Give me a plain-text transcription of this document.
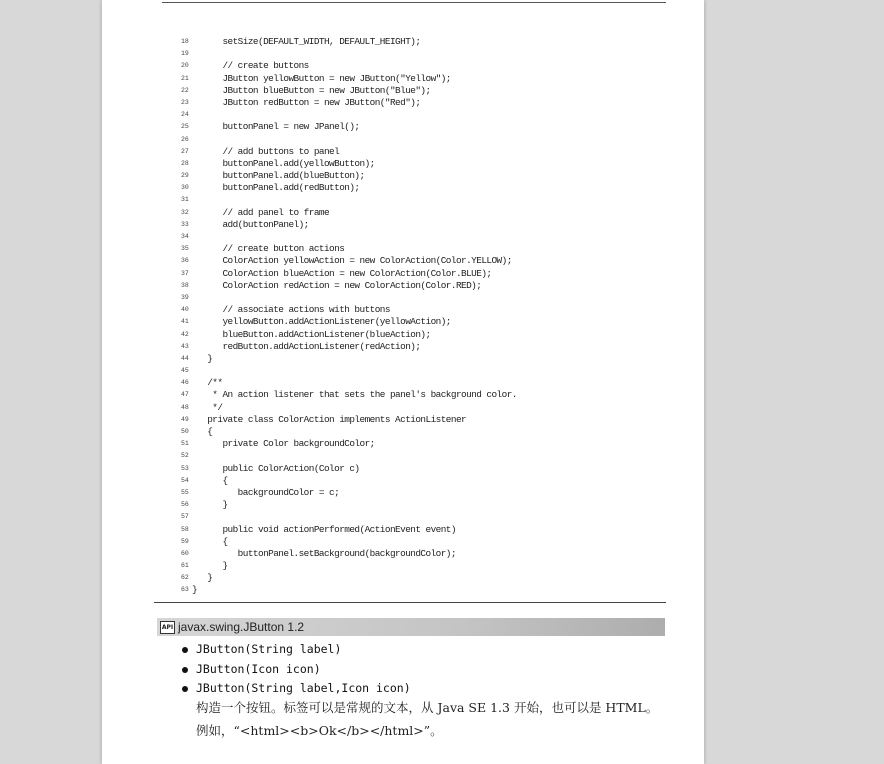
18 setSize(DEFAULT_WIDTH, DEFAULT_HEIGHT);
19
20 // create buttons
21 JButton yellowButton = new JButton("Yellow");
22 JButton blueButton = new JButton("Blue");
23 JButton redButton = new JButton("Red");
24
25 buttonPanel = new JPanel();
26
27 // add buttons to panel
28 buttonPanel.add(yellowButton);
29 buttonPanel.add(blueButton);
30 buttonPanel.add(redButton);
31
32 // add panel to frame
33 add(buttonPanel);
34
35 // create button actions
36 ColorAction yellowAction = new ColorAction(Color.YELLOW);
37 ColorAction blueAction = new ColorAction(Color.BLUE);
38 ColorAction redAction = new ColorAction(Color.RED);
39
40 // associate actions with buttons
41 yellowButton.addActionListener(yellowAction);
42 blueButton.addActionListener(blueAction);
43 redButton.addActionListener(redAction);
44 }
45
46 /**
47 * An action listener that sets the panel's background color.
48 */
49 private class ColorAction implements ActionListener
50 {
51 private Color backgroundColor;
52
53 public ColorAction(Color c)
54 {
55 backgroundColor = c;
56 }
57
58 public void actionPerformed(ActionEvent event)
59 {
60 buttonPanel.setBackground(backgroundColor);
61 }
62 }
63 }
API javax.swing.JButton 1.2
JButton(String label)
JButton(Icon icon)
JButton(String label,Icon icon)
构造一个按钮。标签可以是常规的文本，从 Java SE 1.3 开始，也可以是 HTML。例如，“<html><b>Ok</b></html>”。
